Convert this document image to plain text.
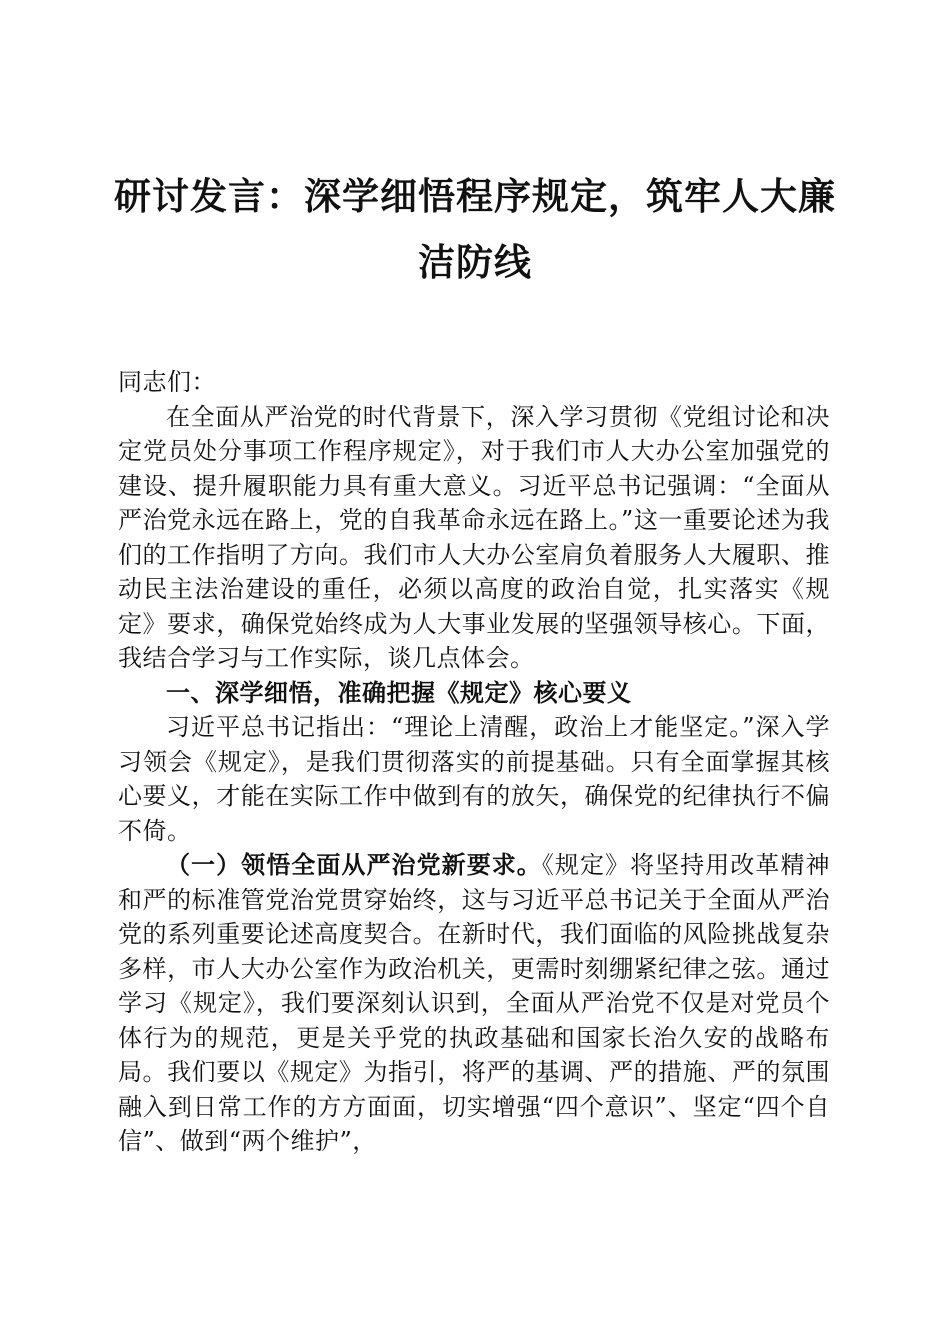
研讨发言：深学细悟程序规定，筑牢人大廉洁防线

同志们：

在全面从严治党的时代背景下，深入学习贯彻《党组讨论和决定党员处分事项工作程序规定》，对于我们市人大办公室加强党的建设、提升履职能力具有重大意义。习近平总书记强调：“全面从严治党永远在路上，党的自我革命永远在路上。”这一重要论述为我们的工作指明了方向。我们市人大办公室肩负着服务人大履职、推动民主法治建设的重任，必须以高度的政治自觉，扎实落实《规定》要求，确保党始终成为人大事业发展的坚强领导核心。下面，我结合学习与工作实际，谈几点体会。

一、深学细悟，准确把握《规定》核心要义

习近平总书记指出：“理论上清醒，政治上才能坚定。”深入学习领会《规定》，是我们贯彻落实的前提基础。只有全面掌握其核心要义，才能在实际工作中做到有的放矢，确保党的纪律执行不偏不倚。

（一）领悟全面从严治党新要求。《规定》将坚持用改革精神和严的标准管党治党贯穿始终，这与习近平总书记关于全面从严治党的系列重要论述高度契合。在新时代，我们面临的风险挑战复杂多样，市人大办公室作为政治机关，更需时刻绷紧纪律之弦。通过学习《规定》，我们要深刻认识到，全面从严治党不仅是对党员个体行为的规范，更是关乎党的执政基础和国家长治久安的战略布局。我们要以《规定》为指引，将严的基调、严的措施、严的氛围融入到日常工作的方方面面，切实增强“四个意识”、坚定“四个自信”、做到“两个维护”，
